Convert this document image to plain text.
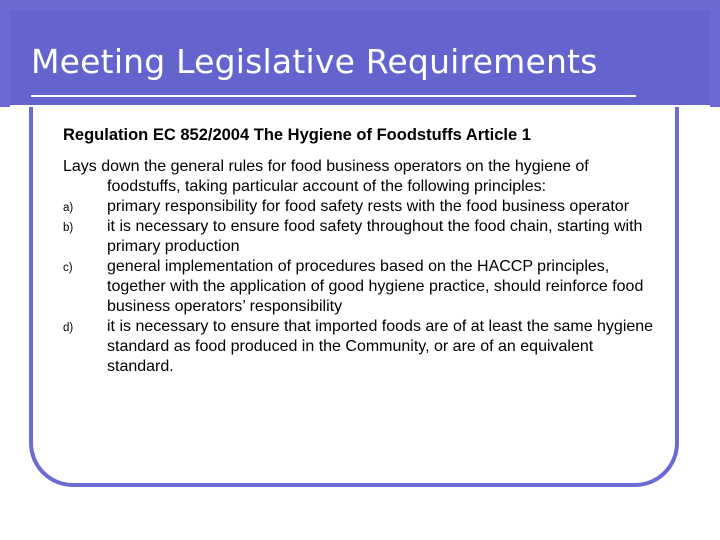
Meeting Legislative Requirements

Regulation EC 852/2004 The Hygiene of Foodstuffs Article 1

Lays down the general rules for food business operators on the hygiene of foodstuffs, taking particular account of the following principles:

a) primary responsibility for food safety rests with the food business operator
b) it is necessary to ensure food safety throughout the food chain, starting with primary production
c) general implementation of procedures based on the HACCP principles, together with the application of good hygiene practice, should reinforce food business operators’ responsibility
d) it is necessary to ensure that imported foods are of at least the same hygiene standard as food produced in the Community, or are of an equivalent standard.
